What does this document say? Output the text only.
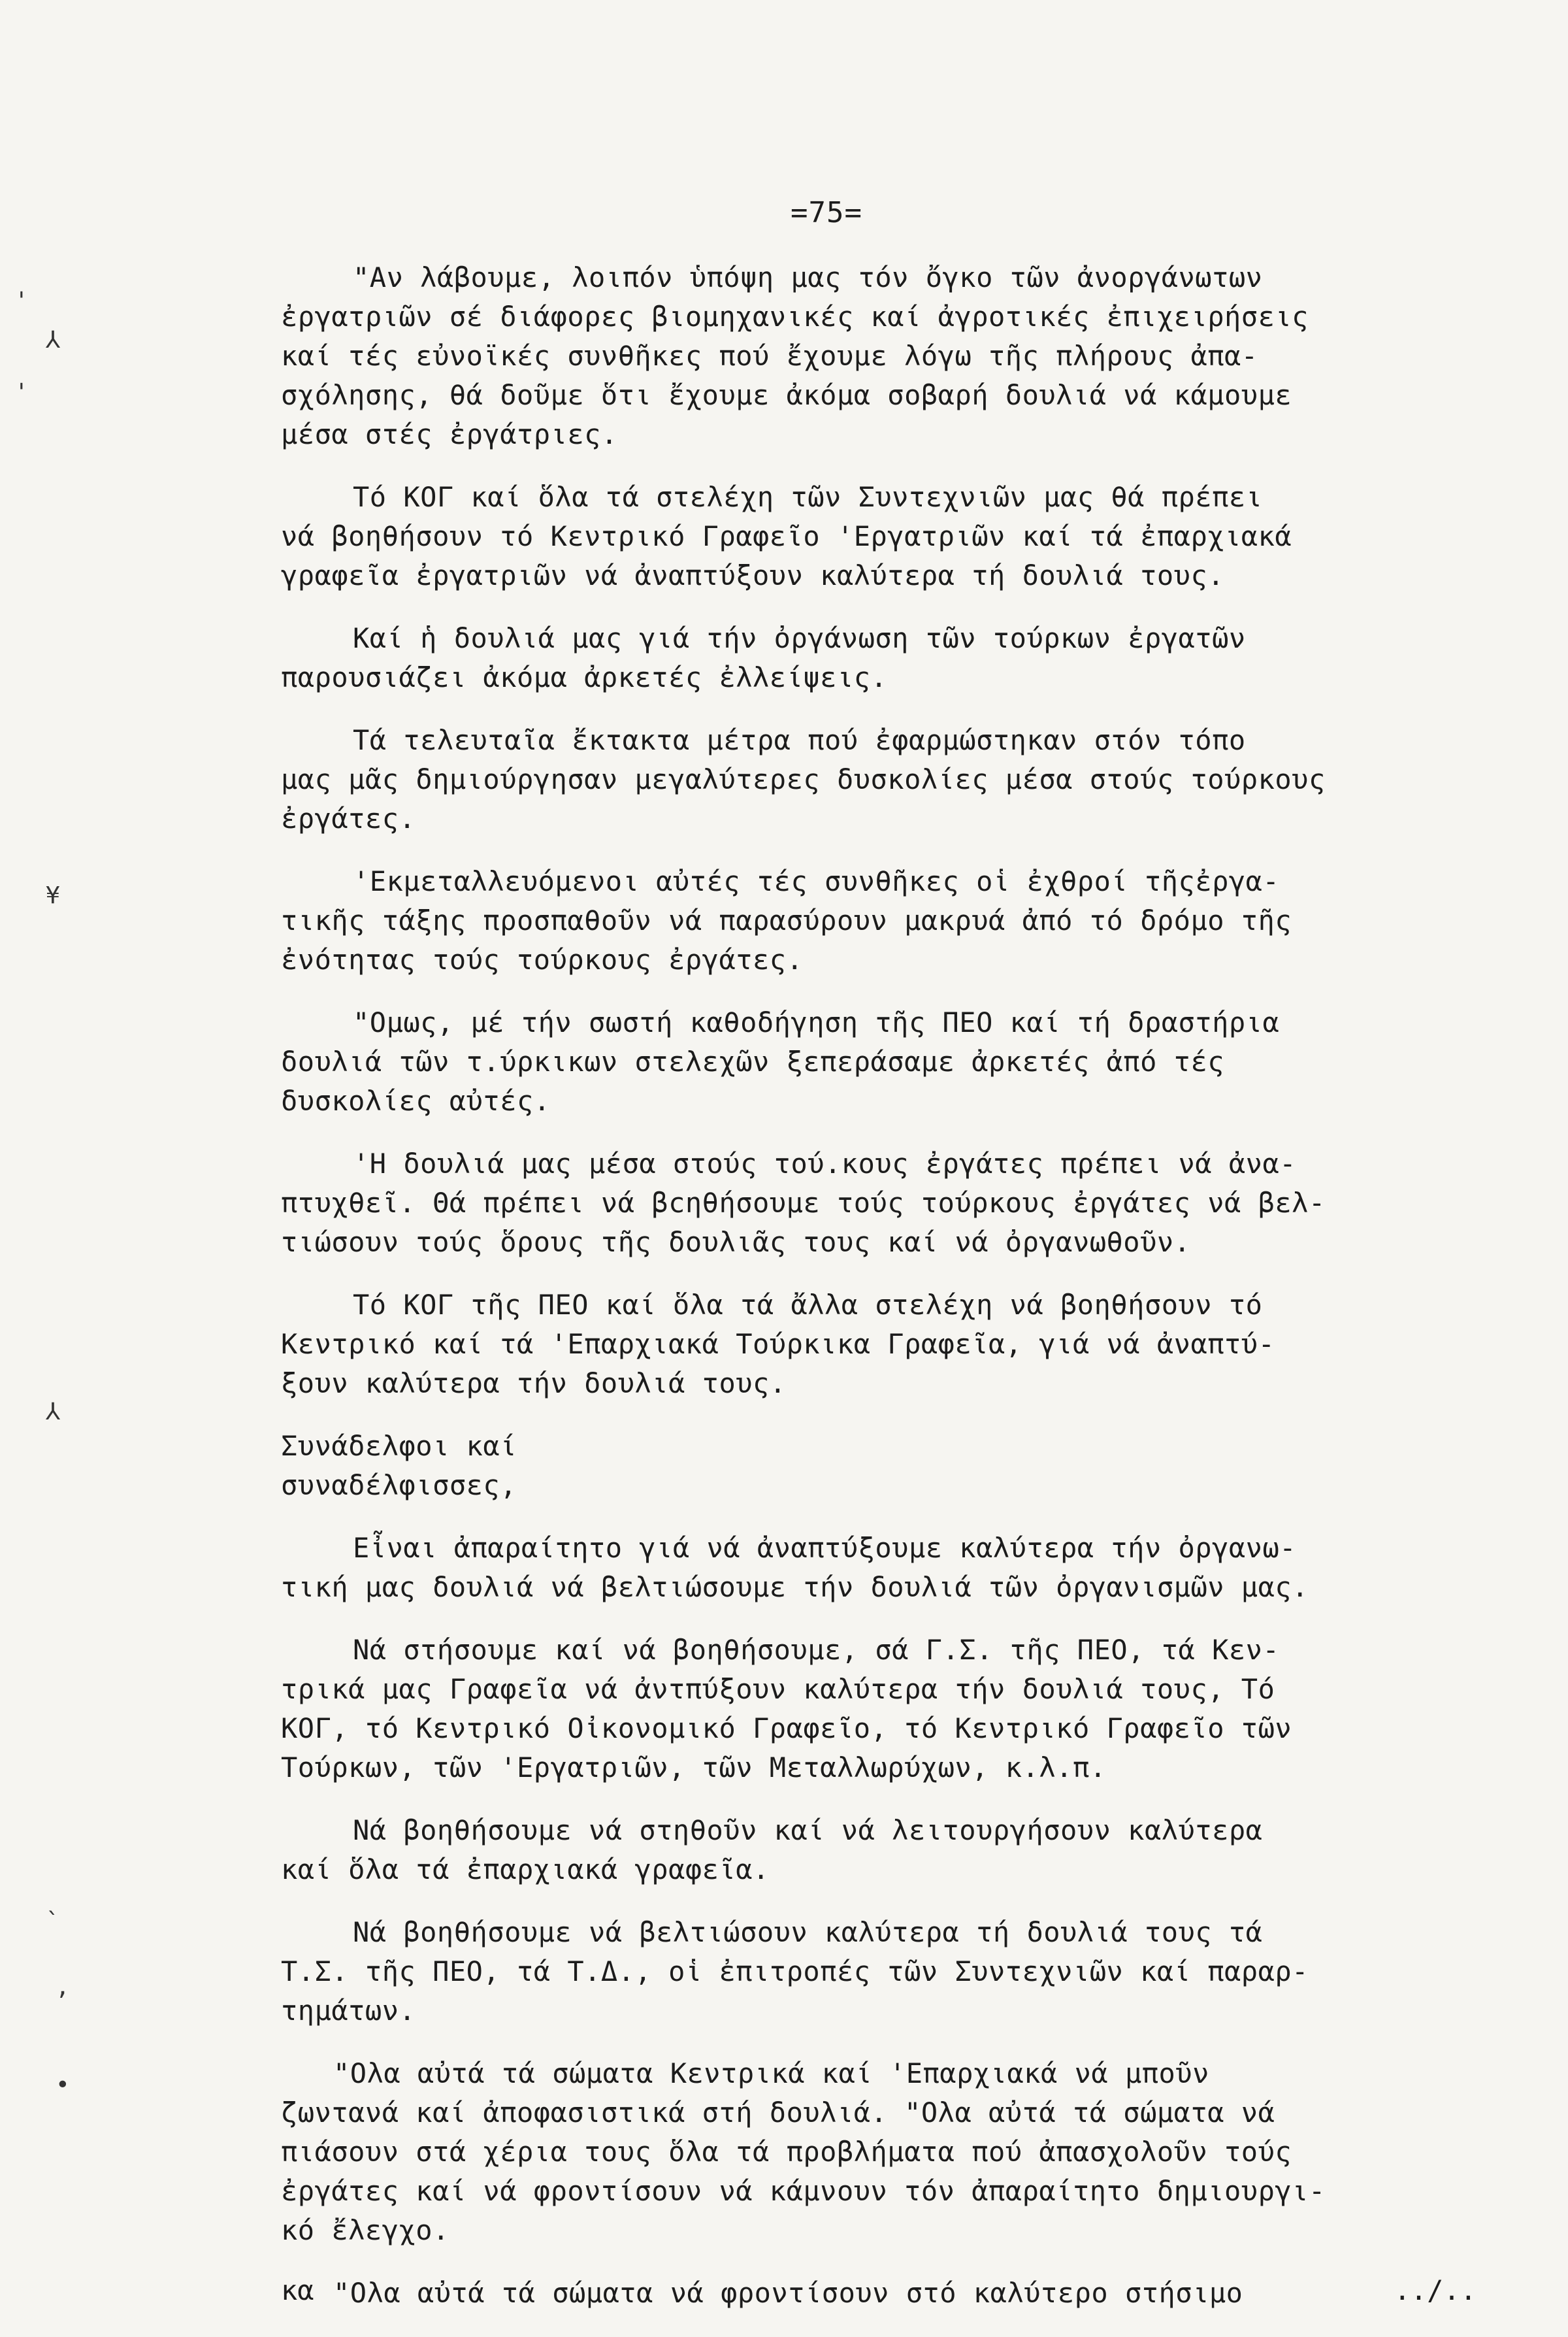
=75=
'
⅄
'
¥
⅄
`
,
•

"Αν λάβουμε, λοιπόν ὑπόψη μας τόν ὄγκο τῶν ἀνοργάνωτων
ἐργατριῶν σέ διάφορες βιομηχανικές καί ἀγροτικές ἐπιχειρήσεις
καί τές εὐνοϊκές συνθῆκες πού ἔχουμε λόγω τῆς πλήρους ἀπα-
σχόλησης, θά δοῦμε ὅτι ἔχουμε ἀκόμα σοβαρή δουλιά νά κάμουμε
μέσα στές ἐργάτριες.

Τό ΚΟΓ καί ὅλα τά στελέχη τῶν Συντεχνιῶν μας θά πρέπει
νά βοηθήσουν τό Κεντρικό Γραφεῖο 'Εργατριῶν καί τά ἐπαρχιακά
γραφεῖα ἐργατριῶν νά ἀναπτύξουν καλύτερα τή δουλιά τους.

Καί ἡ δουλιά μας γιά τήν ὀργάνωση τῶν τούρκων ἐργατῶν
παρουσιάζει ἀκόμα ἀρκετές ἐλλείψεις.

Τά τελευταῖα ἔκτακτα μέτρα πού ἐφαρμώστηκαν στόν τόπο
μας μᾶς δημιούργησαν μεγαλύτερες δυσκολίες μέσα στούς τούρκους
ἐργάτες.

'Εκμεταλλευόμενοι αὐτές τές συνθῆκες οἱ ἐχθροί τῆςἐργα-
τικῆς τάξης προσπαθοῦν νά παρασύρουν μακρυά ἀπό τό δρόμο τῆς
ἐνότητας τούς τούρκους ἐργάτες.

"Ομως, μέ τήν σωστή καθοδήγηση τῆς ΠΕΟ καί τή δραστήρια
δουλιά τῶν τ.ύρκικων στελεχῶν ξεπεράσαμε ἀρκετές ἀπό τές
δυσκολίες αὐτές.

'Η δουλιά μας μέσα στούς τού.κους ἐργάτες πρέπει νά ἀνα-
πτυχθεῖ. Θά πρέπει νά βcηθήσουμε τούς τούρκους ἐργάτες νά βελ-
τιώσουν τούς ὅρους τῆς δουλιᾶς τους καί νά ὀργανωθοῦν.

Τό ΚΟΓ τῆς ΠΕΟ καί ὅλα τά ἄλλα στελέχη νά βοηθήσουν τό
Κεντρικό καί τά 'Επαρχιακά Τούρκικα Γραφεῖα, γιά νά ἀναπτύ-
ξουν καλύτερα τήν δουλιά τους.

Συνάδελφοι καί
συναδέλφισσες,

Εἶναι ἀπαραίτητο γιά νά ἀναπτύξουμε καλύτερα τήν ὀργανω-
τική μας δουλιά νά βελτιώσουμε τήν δουλιά τῶν ὀργανισμῶν μας.

Νά στήσουμε καί νά βοηθήσουμε, σά Γ.Σ. τῆς ΠΕΟ, τά Κεν-
τρικά μας Γραφεῖα νά ἀντπύξουν καλύτερα τήν δουλιά τους, Τό
ΚΟΓ, τό Κεντρικό Οἰκονομικό Γραφεῖο, τό Κεντρικό Γραφεῖο τῶν
Τούρκων, τῶν 'Εργατριῶν, τῶν Μεταλλωρύχων, κ.λ.π.

Νά βοηθήσουμε νά στηθοῦν καί νά λειτουργήσουν καλύτερα
καί ὅλα τά ἐπαρχιακά γραφεῖα.

Νά βοηθήσουμε νά βελτιώσουν καλύτερα τή δουλιά τους τά
Τ.Σ. τῆς ΠΕΟ, τά Τ.Δ., οἱ ἐπιτροπές τῶν Συντεχνιῶν καί παραρ-
τημάτων.

"Ολα αὐτά τά σώματα Κεντρικά καί 'Επαρχιακά νά μποῦν
ζωντανά καί ἀποφασιστικά στή δουλιά. "Ολα αὐτά τά σώματα νά
πιάσουν στά χέρια τους ὅλα τά προβλήματα πού ἀπασχολοῦν τούς
ἐργάτες καί νά φροντίσουν νά κάμνουν τόν ἀπαραίτητο δημιουργι-
κό ἔλεγχο.

"Ολα αὐτά τά σώματα νά φροντίσουν στό καλύτερο στήσιμο

κα	../..
